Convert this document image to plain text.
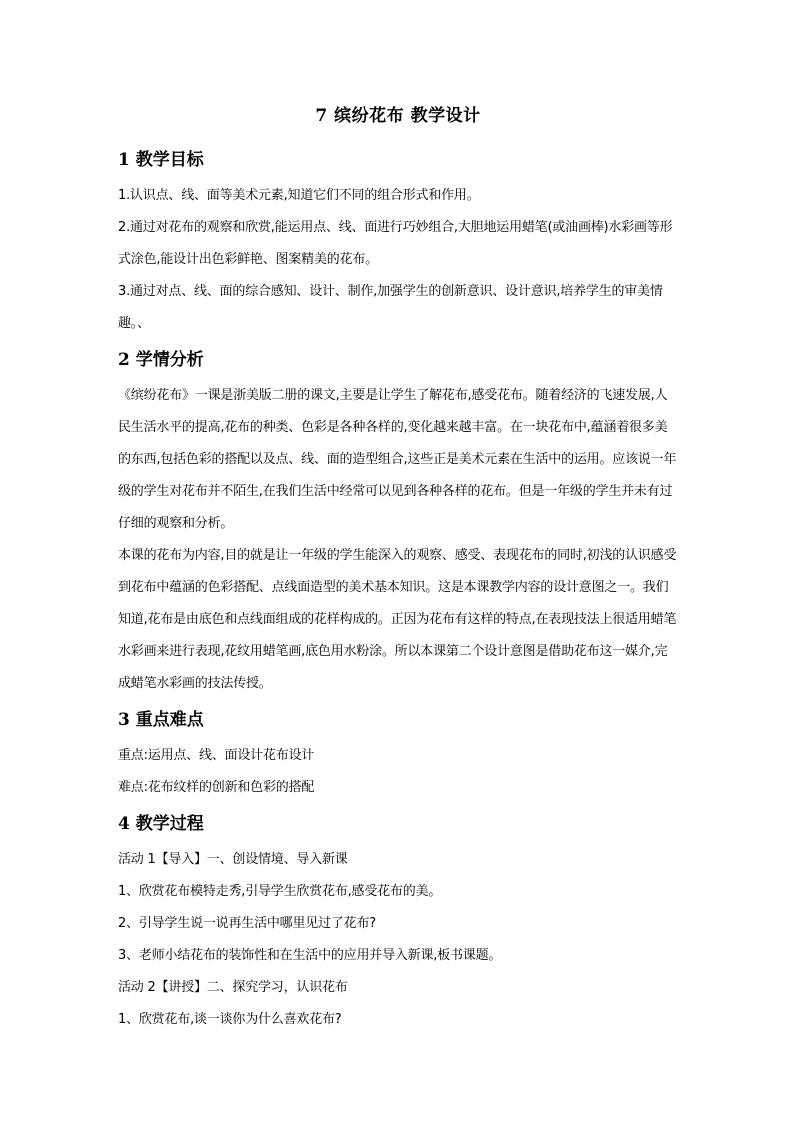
7 缤纷花布 教学设计
1 教学目标

1.认识点、线、面等美术元素,知道它们不同的组合形式和作用。

2.通过对花布的观察和欣赏,能运用点、线、面进行巧妙组合,大胆地运用蜡笔(或油画棒)水彩画等形式涂色,能设计出色彩鲜艳、图案精美的花布。

3.通过对点、线、面的综合感知、设计、制作,加强学生的创新意识、设计意识,培养学生的审美情趣。、

2 学情分析

《缤纷花布》一课是浙美版二册的课文,主要是让学生了解花布,感受花布。随着经济的飞速发展,人民生活水平的提高,花布的种类、色彩是各种各样的,变化越来越丰富。在一块花布中,蕴涵着很多美的东西,包括色彩的搭配以及点、线、面的造型组合,这些正是美术元素在生活中的运用。应该说一年级的学生对花布并不陌生,在我们生活中经常可以见到各种各样的花布。但是一年级的学生并未有过仔细的观察和分析。

本课的花布为内容,目的就是让一年级的学生能深入的观察、感受、表现花布的同时,初浅的认识感受到花布中蕴涵的色彩搭配、点线面造型的美术基本知识。这是本课教学内容的设计意图之一。我们知道,花布是由底色和点线面组成的花样构成的。正因为花布有这样的特点,在表现技法上很适用蜡笔水彩画来进行表现,花纹用蜡笔画,底色用水粉涂。所以本课第二个设计意图是借助花布这一媒介,完成蜡笔水彩画的技法传授。

3 重点难点

重点:运用点、线、面设计花布设计

难点:花布纹样的创新和色彩的搭配

4 教学过程

活动 1【导入】一、创设情境、导入新课

1、欣赏花布模特走秀,引导学生欣赏花布,感受花布的美。

2、引导学生说一说再生活中哪里见过了花布?

3、老师小结花布的装饰性和在生活中的应用并导入新课,板书课题。

活动 2【讲授】二、探究学习，认识花布

1、欣赏花布,谈一谈你为什么喜欢花布?
